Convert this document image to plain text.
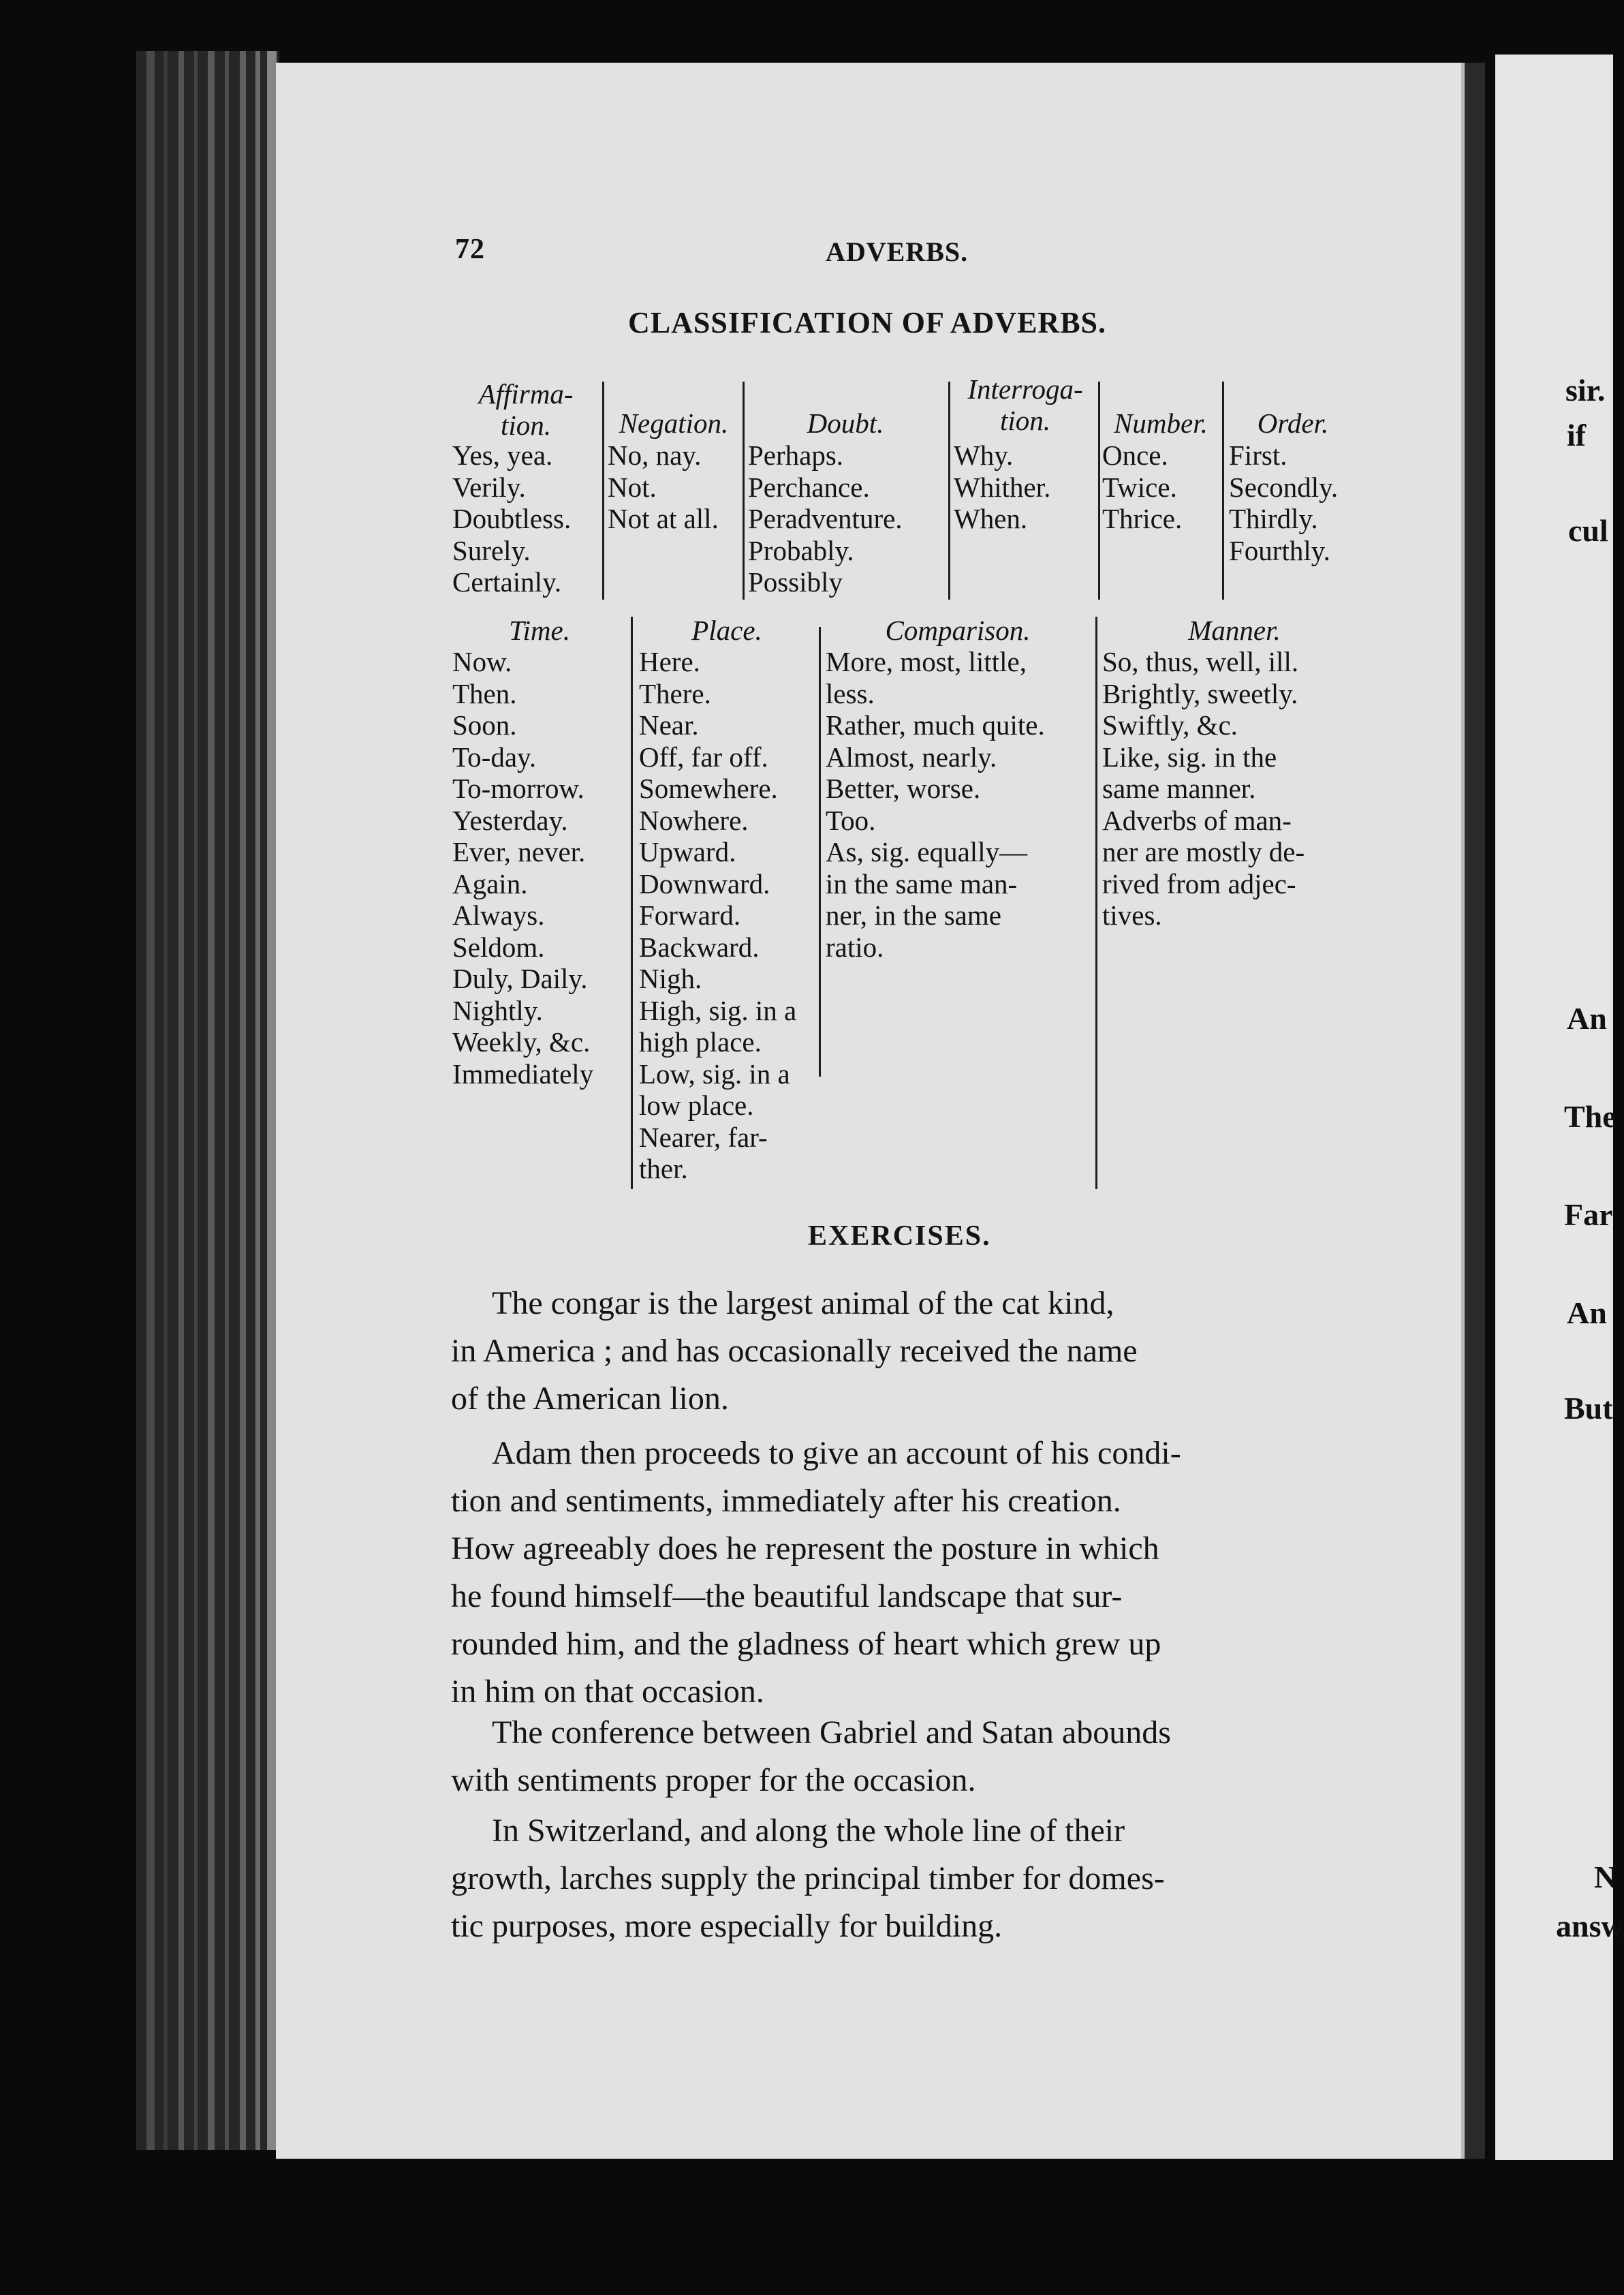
72	ADVERBS.
CLASSIFICATION OF ADVERBS.
Affirma-
tion.
Yes, yea.
Verily.
Doubtless.
Surely.
Certainly.
Negation.
No, nay.
Not.
Not at all.
Doubt.
Perhaps.
Perchance.
Peradventure.
Probably.
Possibly
Interroga-
tion.
Why.
Whither.
When.
Number.
Once.
Twice.
Thrice.
Order.
First.
Secondly.
Thirdly.
Fourthly.
Time.
Now.
Then.
Soon.
To-day.
To-morrow.
Yesterday.
Ever, never.
Again.
Always.
Seldom.
Duly, Daily.
Nightly.
Weekly, &c.
Immediately
Place.
Here.
There.
Near.
Off, far off.
Somewhere.
Nowhere.
Upward.
Downward.
Forward.
Backward.
Nigh.
High, sig. in a
high place.
Low, sig. in a
low place.
Nearer, far-
ther.
Comparison.
More, most, little,
less.
Rather, much quite.
Almost, nearly.
Better, worse.
Too.
As, sig. equally—
in the same man-
ner, in the same
ratio.
Manner.
So, thus, well, ill.
Brightly, sweetly.
Swiftly, &c.
Like, sig. in the
same manner.
Adverbs of man-
ner are mostly de-
rived from adjec-
tives.
EXERCISES.
The congar is the largest animal of the cat kind,
in America ; and has occasionally received the name
of the American lion.
Adam then proceeds to give an account of his condi-
tion and sentiments, immediately after his creation.
How agreeably does he represent the posture in which
he found himself—the beautiful landscape that sur-
rounded him, and the gladness of heart which grew up
in him on that occasion.
The conference between Gabriel and Satan abounds
with sentiments proper for the occasion.
In Switzerland, and along the whole line of their
growth, larches supply the principal timber for domes-
tic purposes, more especially for building.
sir.
if
cul
An
The
Far
An
But
N
answ
